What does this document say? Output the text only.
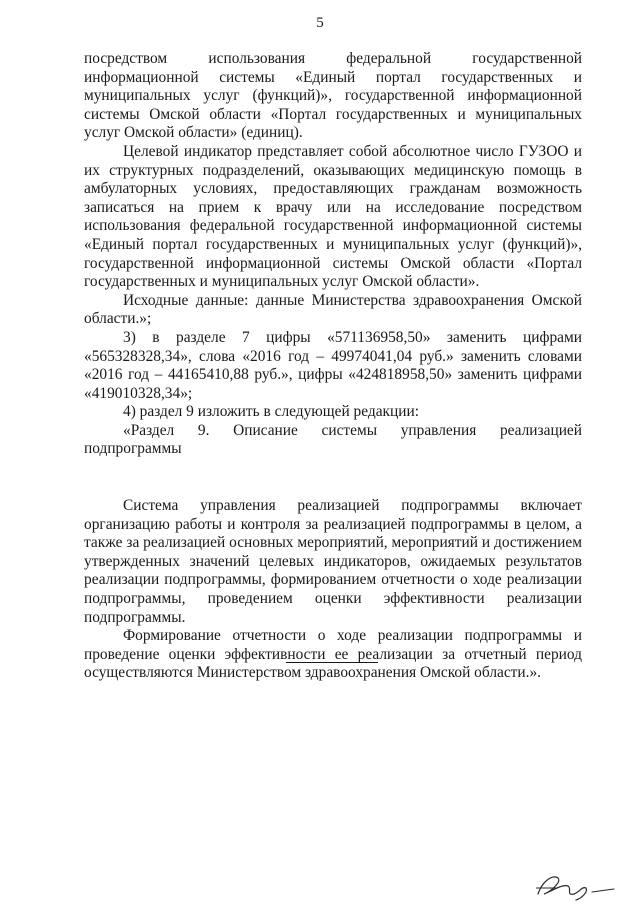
5

посредством использования федеральной государственной информационной системы «Единый портал государственных и муниципальных услуг (функций)», государственной информационной системы Омской области «Портал государственных и муниципальных услуг Омской области» (единиц).

Целевой индикатор представляет собой абсолютное число ГУЗОО и их структурных подразделений, оказывающих медицинскую помощь в амбулаторных условиях, предоставляющих гражданам возможность записаться на прием к врачу или на исследование посредством использования федеральной государственной информационной системы «Единый портал государственных и муниципальных услуг (функций)», государственной информационной системы Омской области «Портал государственных и муниципальных услуг Омской области».

Исходные данные: данные Министерства здравоохранения Омской области.»;

3) в разделе 7 цифры «571136958,50» заменить цифрами «565328328,34», слова «2016 год – 49974041,04 руб.» заменить словами «2016 год – 44165410,88 руб.», цифры «424818958,50» заменить цифрами «419010328,34»;

4) раздел 9 изложить в следующей редакции:

«Раздел 9. Описание системы управления реализацией подпрограммы

Система управления реализацией подпрограммы включает организацию работы и контроля за реализацией подпрограммы в целом, а также за реализацией основных мероприятий, мероприятий и достижением утвержденных значений целевых индикаторов, ожидаемых результатов реализации подпрограммы, формированием отчетности о ходе реализации подпрограммы, проведением оценки эффективности реализации подпрограммы.

Формирование отчетности о ходе реализации подпрограммы и проведение оценки эффективности ее реализации за отчетный период осуществляются Министерством здравоохранения Омской области.».
